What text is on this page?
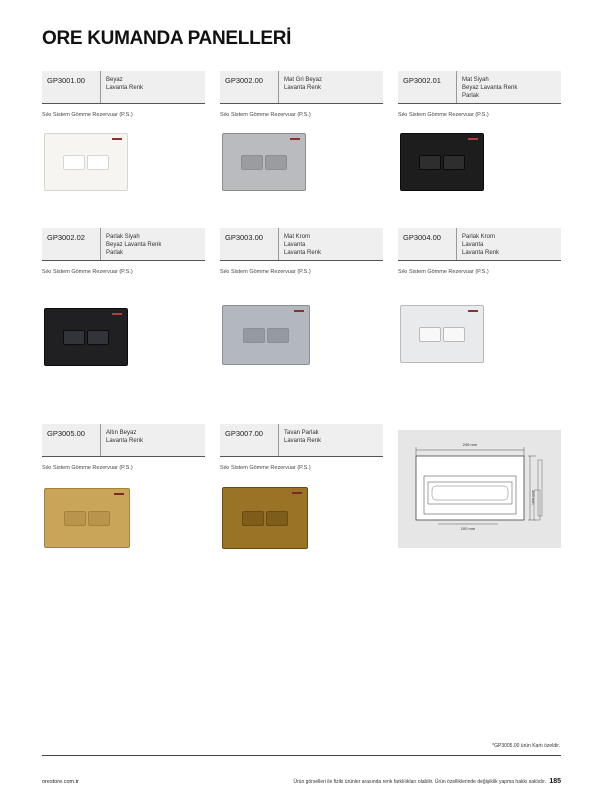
ORE KUMANDA PANELLERİ
GP3001.00	Beyaz
Lavanta Renk
Sıkı Sistem Gömme Rezervuar (P.S.)
GP3002.00	Mat Gri Beyaz
Lavanta Renk
Sıkı Sistem Gömme Rezervuar (P.S.)
GP3002.01	Mat Siyah
Beyaz Lavanta Renk
Parlak
Sıkı Sistem Gömme Rezervuar (P.S.)
GP3002.02	Parlak Siyah
Beyaz Lavanta Renk
Parlak
Sıkı Sistem Gömme Rezervuar (P.S.)
GP3003.00	Mat Krom
Lavanta
Lavanta Renk
Sıkı Sistem Gömme Rezervuar (P.S.)
GP3004.00	Parlak Krom
Lavanta
Lavanta Renk
Sıkı Sistem Gömme Rezervuar (P.S.)
GP3005.00	Altın Beyaz
Lavanta Renk
Sıkı Sistem Gömme Rezervuar (P.S.)
GP3007.00	Tavan Parlak
Lavanta Renk
Sıkı Sistem Gömme Rezervuar (P.S.)
246 mm
165 mm
100 mm
*GP3005.00 ürün Kartı özeldir.
orestore.com.tr	Ürün görselleri ile fiziki ürünler arasında renk farklılıkları olabilir. Ürün özelliklerinde değişiklik yapma hakkı saklıdır. 185
